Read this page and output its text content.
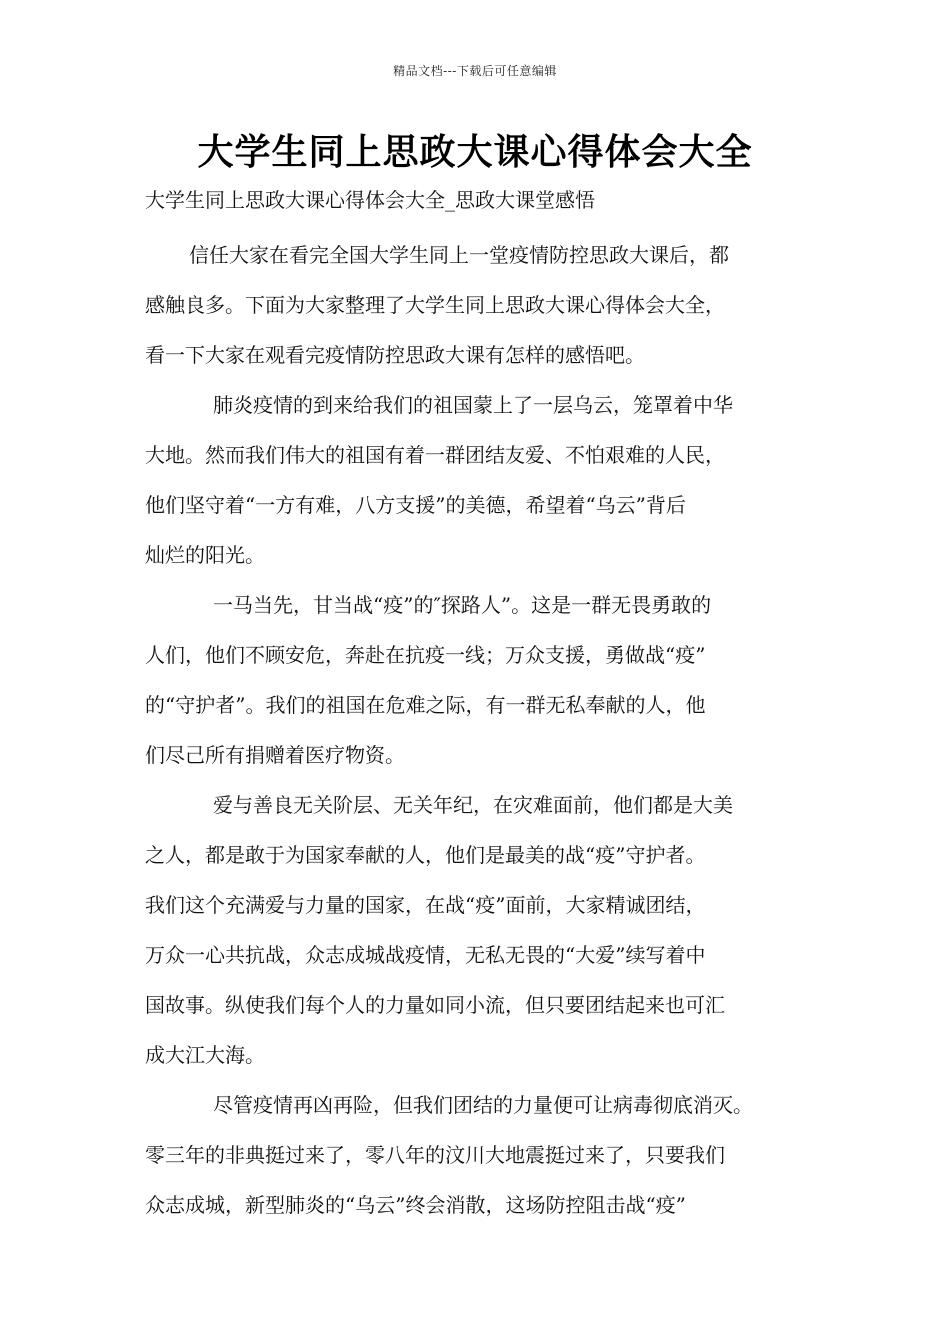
精品文档---下载后可任意编辑
大学生同上思政大课心得体会大全
大学生同上思政大课心得体会大全_思政大课堂感悟
信任大家在看完全国大学生同上一堂疫情防控思政大课后，都
感触良多。下面为大家整理了大学生同上思政大课心得体会大全，
看一下大家在观看完疫情防控思政大课有怎样的感悟吧。
肺炎疫情的到来给我们的祖国蒙上了一层乌云，笼罩着中华
大地。然而我们伟大的祖国有着一群团结友爱、不怕艰难的人民，
他们坚守着“一方有难，八方支援”的美德，希望着“乌云”背后
灿烂的阳光。
一马当先，甘当战“疫”的″探路人”。这是一群无畏勇敢的
人们，他们不顾安危，奔赴在抗疫一线；万众支援，勇做战“疫”
的“守护者”。我们的祖国在危难之际，有一群无私奉献的人，他
们尽己所有捐赠着医疗物资。
爱与善良无关阶层、无关年纪，在灾难面前，他们都是大美
之人，都是敢于为国家奉献的人，他们是最美的战“疫”守护者。
我们这个充满爱与力量的国家，在战“疫”面前，大家精诚团结，
万众一心共抗战，众志成城战疫情，无私无畏的“大爱”续写着中
国故事。纵使我们每个人的力量如同小流，但只要团结起来也可汇
成大江大海。
尽管疫情再凶再险，但我们团结的力量便可让病毒彻底消灭。
零三年的非典挺过来了，零八年的汶川大地震挺过来了，只要我们
众志成城，新型肺炎的“乌云”终会消散，这场防控阻击战“疫”
